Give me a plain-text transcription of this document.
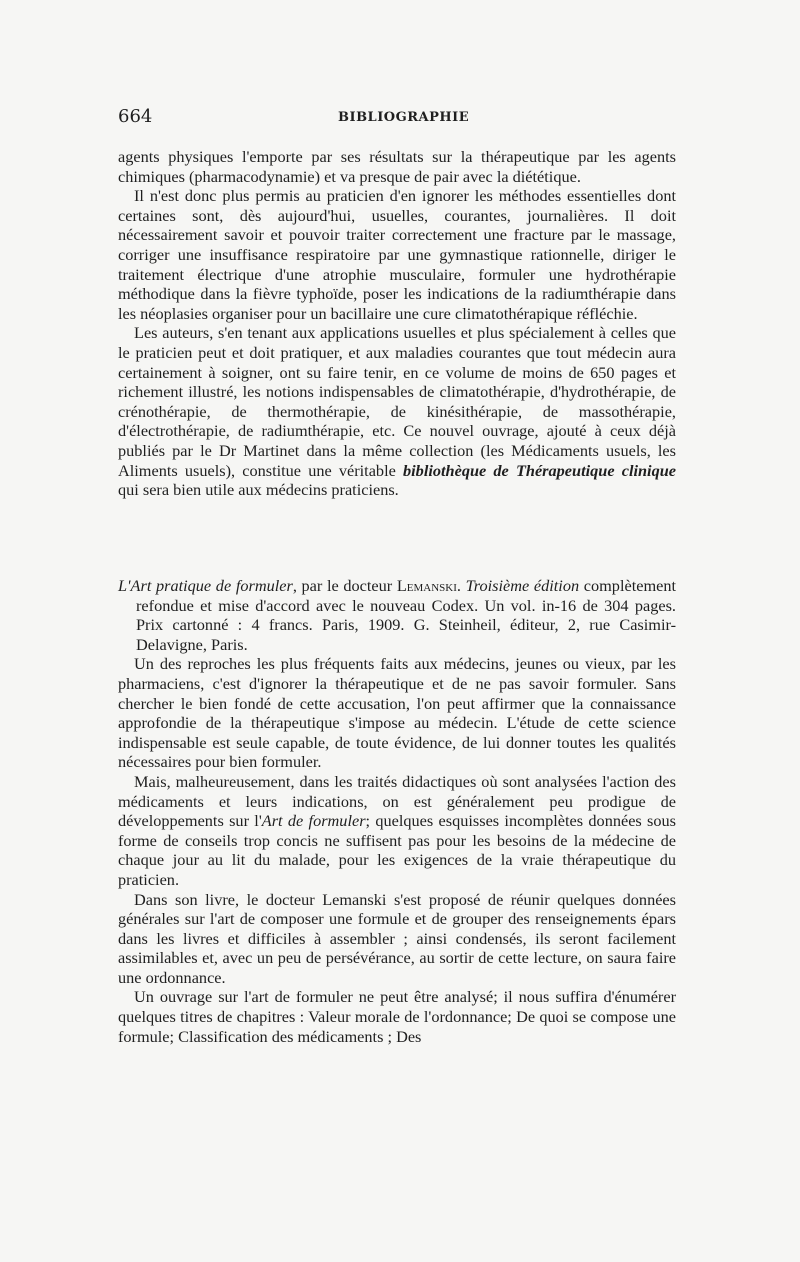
664	BIBLIOGRAPHIE

agents physiques l'emporte par ses résultats sur la thérapeutique par les agents chimiques (pharmacodynamie) et va presque de pair avec la diététique.

Il n'est donc plus permis au praticien d'en ignorer les méthodes essentielles dont certaines sont, dès aujourd'hui, usuelles, courantes, journalières. Il doit nécessairement savoir et pouvoir traiter correctement une fracture par le massage, corriger une insuffisance respiratoire par une gymnastique rationnelle, diriger le traitement électrique d'une atrophie musculaire, formuler une hydrothérapie méthodique dans la fièvre typhoïde, poser les indications de la radiumthérapie dans les néoplasies organiser pour un bacillaire une cure climatothérapique réfléchie.

Les auteurs, s'en tenant aux applications usuelles et plus spécialement à celles que le praticien peut et doit pratiquer, et aux maladies courantes que tout médecin aura certainement à soigner, ont su faire tenir, en ce volume de moins de 650 pages et richement illustré, les notions indispensables de climatothérapie, d'hydrothérapie, de crénothérapie, de thermothérapie, de kinésithérapie, de massothérapie, d'électrothérapie, de radiumthérapie, etc. Ce nouvel ouvrage, ajouté à ceux déjà publiés par le Dr Martinet dans la même collection (les Médicaments usuels, les Aliments usuels), constitue une véritable bibliothèque de Thérapeutique clinique qui sera bien utile aux médecins praticiens.

L'Art pratique de formuler, par le docteur Lemanski. Troisième édition complètement refondue et mise d'accord avec le nouveau Codex. Un vol. in-16 de 304 pages. Prix cartonné : 4 francs. Paris, 1909. G. Steinheil, éditeur, 2, rue Casimir-Delavigne, Paris.

Un des reproches les plus fréquents faits aux médecins, jeunes ou vieux, par les pharmaciens, c'est d'ignorer la thérapeutique et de ne pas savoir formuler. Sans chercher le bien fondé de cette accusation, l'on peut affirmer que la connaissance approfondie de la thérapeutique s'impose au médecin. L'étude de cette science indispensable est seule capable, de toute évidence, de lui donner toutes les qualités nécessaires pour bien formuler.

Mais, malheureusement, dans les traités didactiques où sont analysées l'action des médicaments et leurs indications, on est généralement peu prodigue de développements sur l'Art de formuler; quelques esquisses incomplètes données sous forme de conseils trop concis ne suffisent pas pour les besoins de la médecine de chaque jour au lit du malade, pour les exigences de la vraie thérapeutique du praticien.

Dans son livre, le docteur Lemanski s'est proposé de réunir quelques données générales sur l'art de composer une formule et de grouper des renseignements épars dans les livres et difficiles à assembler ; ainsi condensés, ils seront facilement assimilables et, avec un peu de persévérance, au sortir de cette lecture, on saura faire une ordonnance.

Un ouvrage sur l'art de formuler ne peut être analysé; il nous suffira d'énumérer quelques titres de chapitres : Valeur morale de l'ordonnance; De quoi se compose une formule; Classification des médicaments ; Des
